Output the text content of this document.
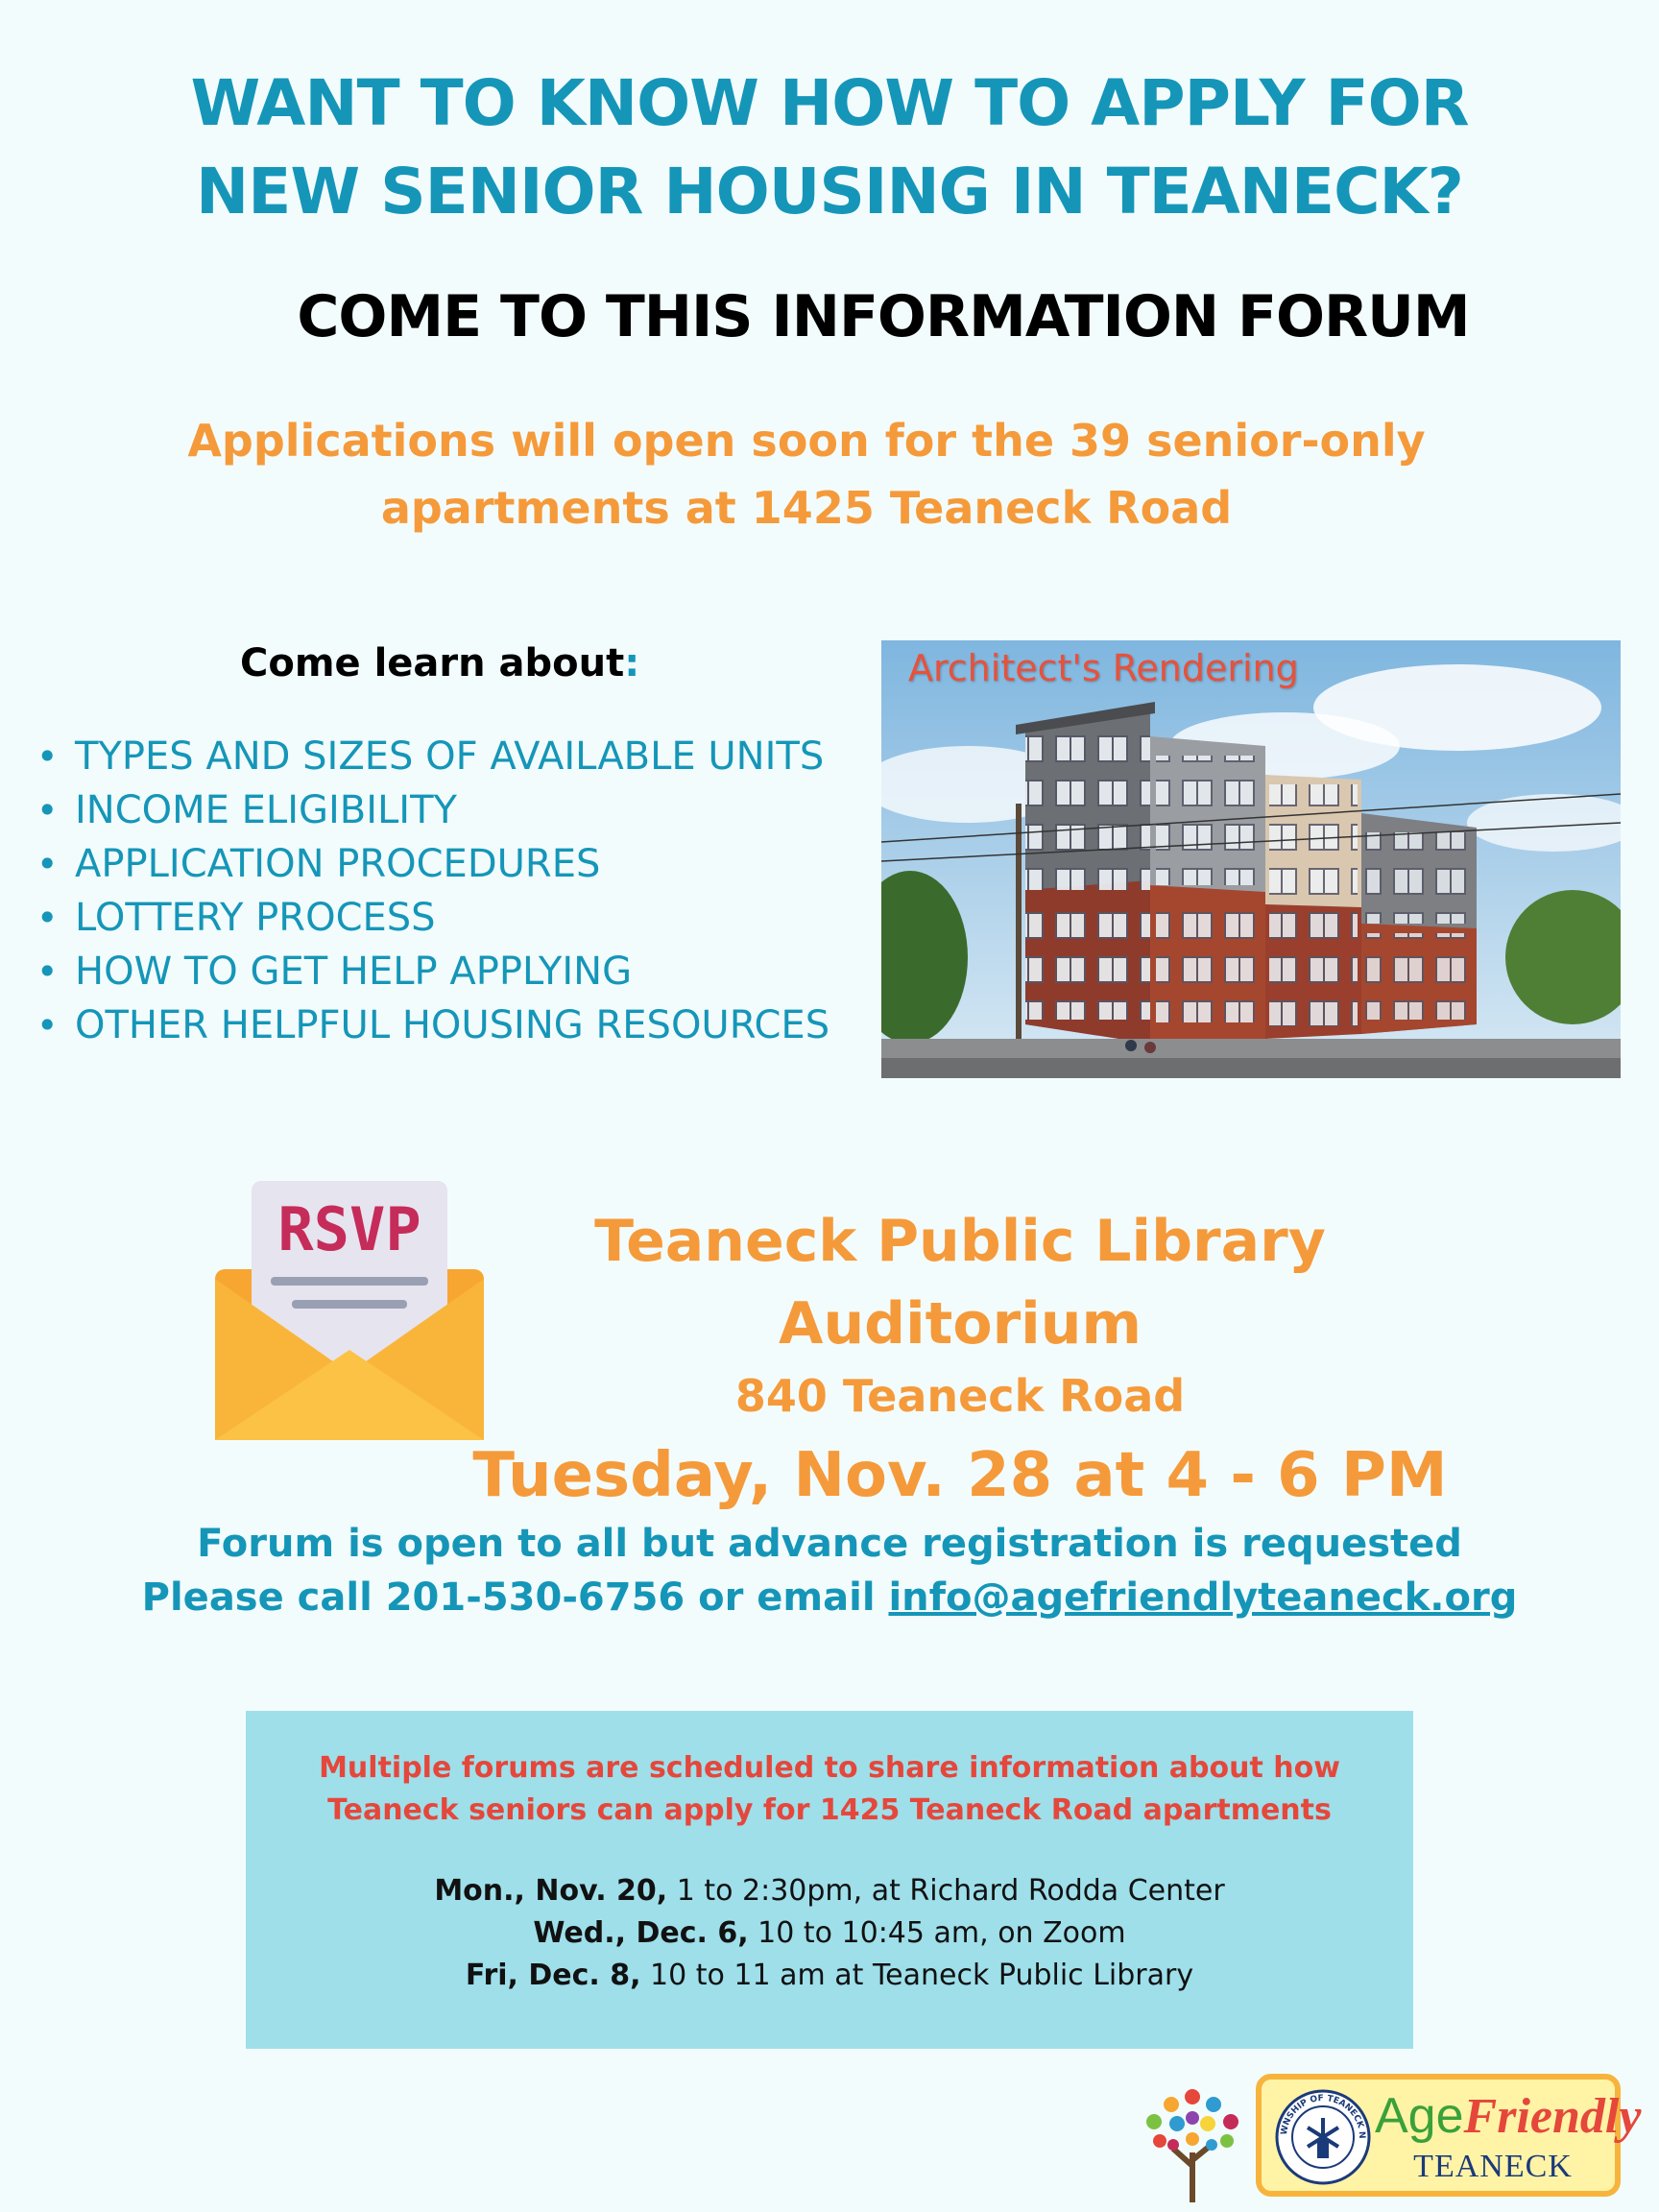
WANT TO KNOW HOW TO APPLY FOR
NEW SENIOR HOUSING IN TEANECK?
COME TO THIS INFORMATION FORUM
Applications will open soon for the 39 senior-only
apartments at 1425 Teaneck Road
Come learn about:
• TYPES AND SIZES OF AVAILABLE UNITS
• INCOME ELIGIBILITY
• APPLICATION PROCEDURES
• LOTTERY PROCESS
• HOW TO GET HELP APPLYING
• OTHER HELPFUL HOUSING RESOURCES
Architect's Rendering
RSVP	Teaneck Public Library
Auditorium
840 Teaneck Road
Tuesday, Nov. 28 at 4 - 6 PM
Forum is open to all but advance registration is requested
Please call 201-530-6756 or email info@agefriendlyteaneck.org
Multiple forums are scheduled to share information about how
Teaneck seniors can apply for 1425 Teaneck Road apartments
Mon., Nov. 20, 1 to 2:30pm, at Richard Rodda Center
Wed., Dec. 6, 10 to 10:45 am, on Zoom
Fri, Dec. 8, 10 to 11 am at Teaneck Public Library
WNSHIP OF TEANECK N AgeFriendly
TEANECK
